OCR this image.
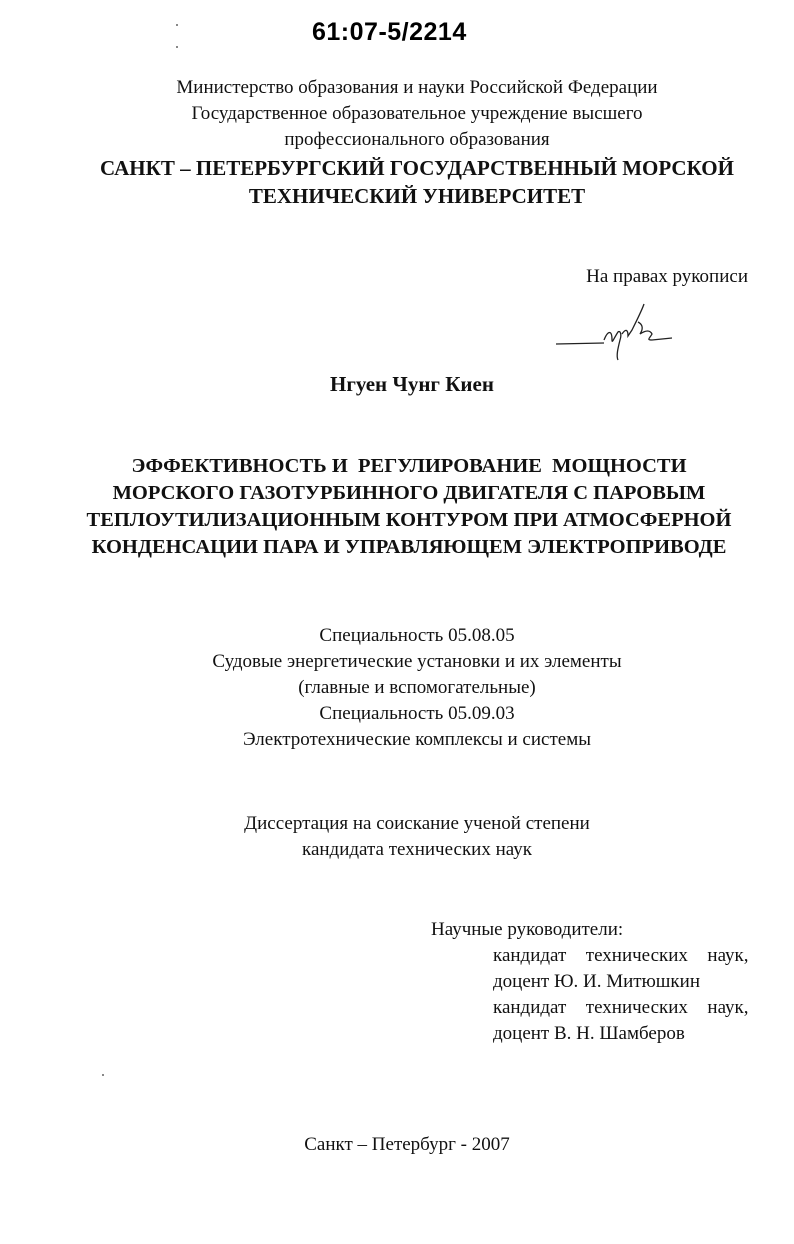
61:07-5/2214
Министерство образования и науки Российской Федерации
Государственное образовательное учреждение высшего
профессионального образования
САНКТ – ПЕТЕРБУРГСКИЙ ГОСУДАРСТВЕННЫЙ МОРСКОЙ
ТЕХНИЧЕСКИЙ УНИВЕРСИТЕТ
На правах рукописи
Нгуен Чунг Киен
ЭФФЕКТИВНОСТЬ И  РЕГУЛИРОВАНИЕ  МОЩНОСТИ
МОРСКОГО ГАЗОТУРБИННОГО ДВИГАТЕЛЯ С ПАРОВЫМ
ТЕПЛОУТИЛИЗАЦИОННЫМ КОНТУРОМ ПРИ АТМОСФЕРНОЙ
КОНДЕНСАЦИИ ПАРА И УПРАВЛЯЮЩЕМ ЭЛЕКТРОПРИВОДЕ
Специальность 05.08.05
Судовые энергетические установки и их элементы
(главные и вспомогательные)
Специальность 05.09.03
Электротехнические комплексы и системы
Диссертация на соискание ученой степени
кандидата технических наук
Научные руководители:
кандидат  технических  наук,
доцент Ю. И. Митюшкин
кандидат  технических  наук,
доцент В. Н. Шамберов
Санкт – Петербург - 2007
